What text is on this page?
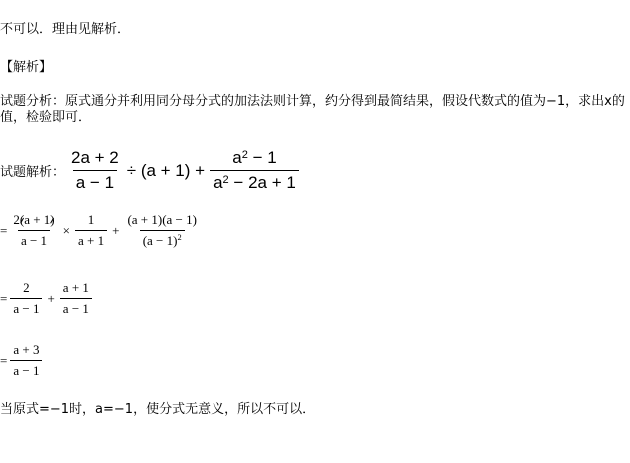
不可以．理由见解析．
【解析】
试题分析：原式通分并利用同分母分式的加法法则计算，约分得到最简结果，假设代数式的值为−1，求出x的值，检验即可．
试题解析： $\frac{2a + 2}{a - 1} \div (a + 1) + \frac{a^2 - 1}{a^2 - 2a + 1}$
= $\frac{2(a + 1)}{a - 1} \times \frac{1}{a + 1} + \frac{(a + 1)(a - 1)}{(a - 1)^2}$
= $\frac{2}{a - 1} + \frac{a + 1}{a - 1}$
= $\frac{a + 3}{a - 1}$
当原式=−1时，a=−1，使分式无意义，所以不可以．
